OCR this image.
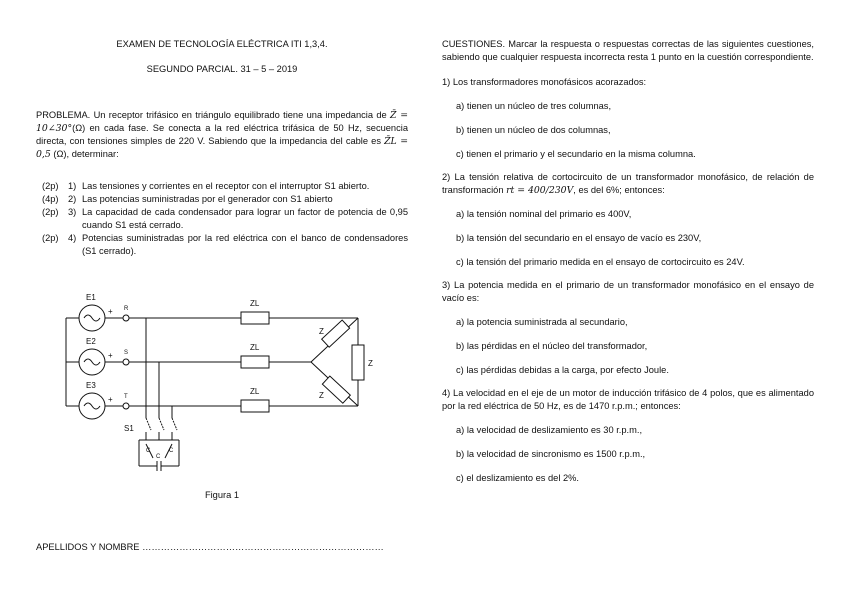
EXAMEN DE TECNOLOGÍA ELÉCTRICA ITI 1,3,4.
SEGUNDO PARCIAL. 31 – 5 – 2019
PROBLEMA. Un receptor trifásico en triángulo equilibrado tiene una impedancia de Z̄ = 10∠30°(Ω) en cada fase. Se conecta a la red eléctrica trifásica de 50 Hz, secuencia directa, con tensiones simples de 220 V. Sabiendo que la impedancia del cable es Z̄L = 0,5 (Ω), determinar:
(2p) 1) Las tensiones y corrientes en el receptor con el interruptor S1 abierto.
(4p) 2) Las potencias suministradas por el generador con S1 abierto
(2p) 3) La capacidad de cada condensador para lograr un factor de potencia de 0,95 cuando S1 está cerrado.
(2p) 4) Potencias suministradas por la red eléctrica con el banco de condensadores (S1 cerrado).
E1
E2
E3
+
+
+
R
S
T
ZL
ZL
ZL
Z
Z
Z
S1
C	C
C
Figura 1
APELLIDOS Y NOMBRE ……………………………………………………………………
CUESTIONES. Marcar la respuesta o respuestas correctas de las siguientes cuestiones, sabiendo que cualquier respuesta incorrecta resta 1 punto en la cuestión correspondiente.
1) Los transformadores monofásicos acorazados:
a) tienen un núcleo de tres columnas,
b) tienen un núcleo de dos columnas,
c) tienen el primario y el secundario en la misma columna.
2) La tensión relativa de cortocircuito de un transformador monofásico, de relación de transformación rt = 400/230V, es del 6%; entonces:
a) la tensión nominal del primario es 400V,
b) la tensión del secundario en el ensayo de vacío es 230V,
c) la tensión del primario medida en el ensayo de cortocircuito es 24V.
3) La potencia medida en el primario de un transformador monofásico en el ensayo de vacío es:
a) la potencia suministrada al secundario,
b) las pérdidas en el núcleo del transformador,
c) las pérdidas debidas a la carga, por efecto Joule.
4) La velocidad en el eje de un motor de inducción trifásico de 4 polos, que es alimentado por la red eléctrica de 50 Hz, es de 1470 r.p.m.; entonces:
a) la velocidad de deslizamiento es 30 r.p.m.,
b) la velocidad de sincronismo es 1500 r.p.m.,
c) el deslizamiento es del 2%.
